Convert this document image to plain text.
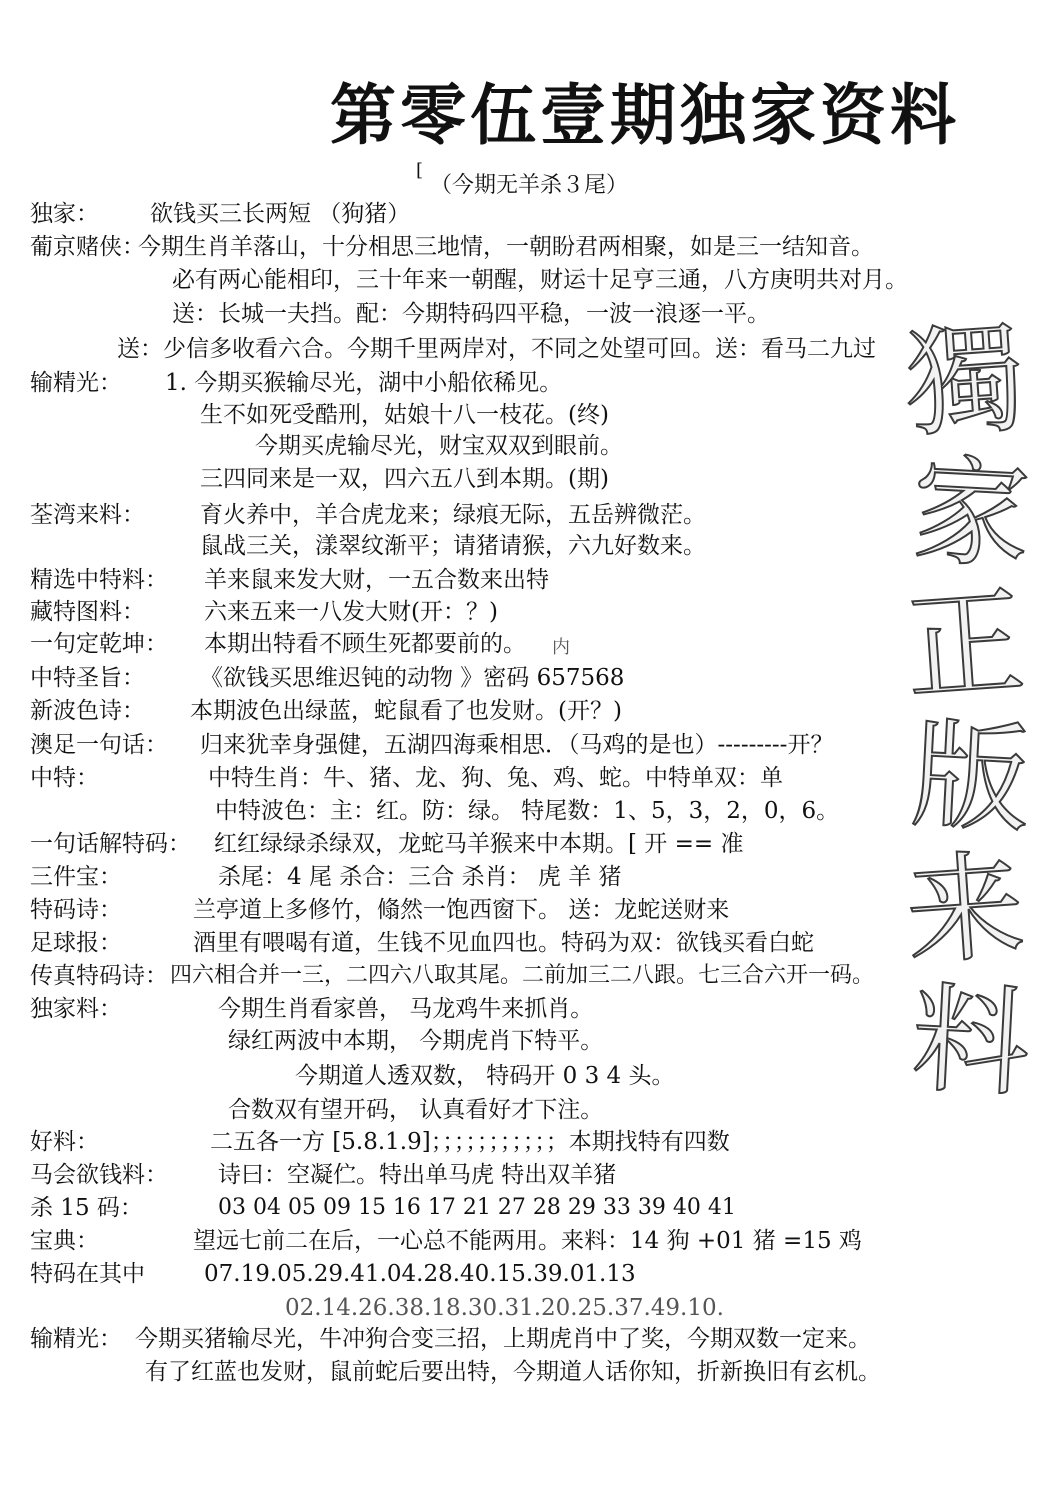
第零伍壹期独家资料
[
（今期无羊杀３尾）
獨
家
正
版
来
料
独家： 欲钱买三长两短 （狗猪）
葡京赌侠：
今期生肖羊落山，十分相思三地情，一朝盼君两相聚，如是三一结知音。
必有两心能相印，三十年来一朝醒，财运十足亨三通，八方庚明共对月。
送：长城一夫挡。配：今期特码四平稳，一波一浪逐一平。
送：少信多收看六合。今期千里两岸对，不同之处望可回。送：看马二九过
输精光： 1. 今期买猴输尽光，湖中小船依稀见。
生不如死受酷刑，姑娘十八一枝花。(终)
今期买虎输尽光，财宝双双到眼前。
三四同来是一双，四六五八到本期。(期)
荃湾来料： 育火养中，羊合虎龙来；绿痕无际，五岳辨微茫。
鼠战三关，漾翠纹渐平；请猪请猴，六九好数来。
精选中特料： 羊来鼠来发大财，一五合数来出特
藏特图料：	六来五来一八发大财(开：？)
一句定乾坤： 本期出特看不顾生死都要前的。 内
中特圣旨： 《欲钱买思维迟钝的动物 》密码 657568
新波色诗： 本期波色出绿蓝，蛇鼠看了也发财。(开？)
澳足一句话： 归来犹幸身强健，五湖四海乘相思．（马鸡的是也）---------开？
中特：	中特生肖：牛、猪、龙、狗、兔、鸡、蛇。中特单双：单
中特波色：主：红。防：绿。 特尾数：1、5，3，2，0，6。
一句话解特码： 红红绿绿杀绿双，龙蛇马羊猴来中本期。[ 开 == 准
三件宝：	杀尾：4 尾 杀合：三合 杀肖： 虎 羊 猪
特码诗：	兰亭道上多修竹，翛然一饱西窗下。 送：龙蛇送财来
足球报：	酒里有喂喝有道，生钱不见血四也。特码为双：欲钱买看白蛇
传真特码诗： 四六相合并一三，二四六八取其尾。二前加三二八跟。七三合六开一码。
独家料：	今期生肖看家兽， 马龙鸡牛来抓肖。
绿红两波中本期， 今期虎肖下特平。
今期道人透双数， 特码开 0 3 4 头。
合数双有望开码， 认真看好才下注。
好料：	二五各一方 [5.8.1.9]；；；；；；；；；；；本期找特有四数
马会欲钱料： 诗曰：空凝伫。特出单马虎 特出双羊猪
杀 15 码：	03 04 05 09 15 16 17 21 27 28 29 33 39 40 41
宝典：	望远七前二在后，一心总不能两用。来料：14 狗 +01 猪 =15 鸡
特码在其中	07.19.05.29.41.04.28.40.15.39.01.13
02.14.26.38.18.30.31.20.25.37.49.10.
输精光： 今期买猪输尽光，牛冲狗合变三招，上期虎肖中了奖，今期双数一定来。
有了红蓝也发财，鼠前蛇后要出特，今期道人话你知，折新换旧有玄机。
